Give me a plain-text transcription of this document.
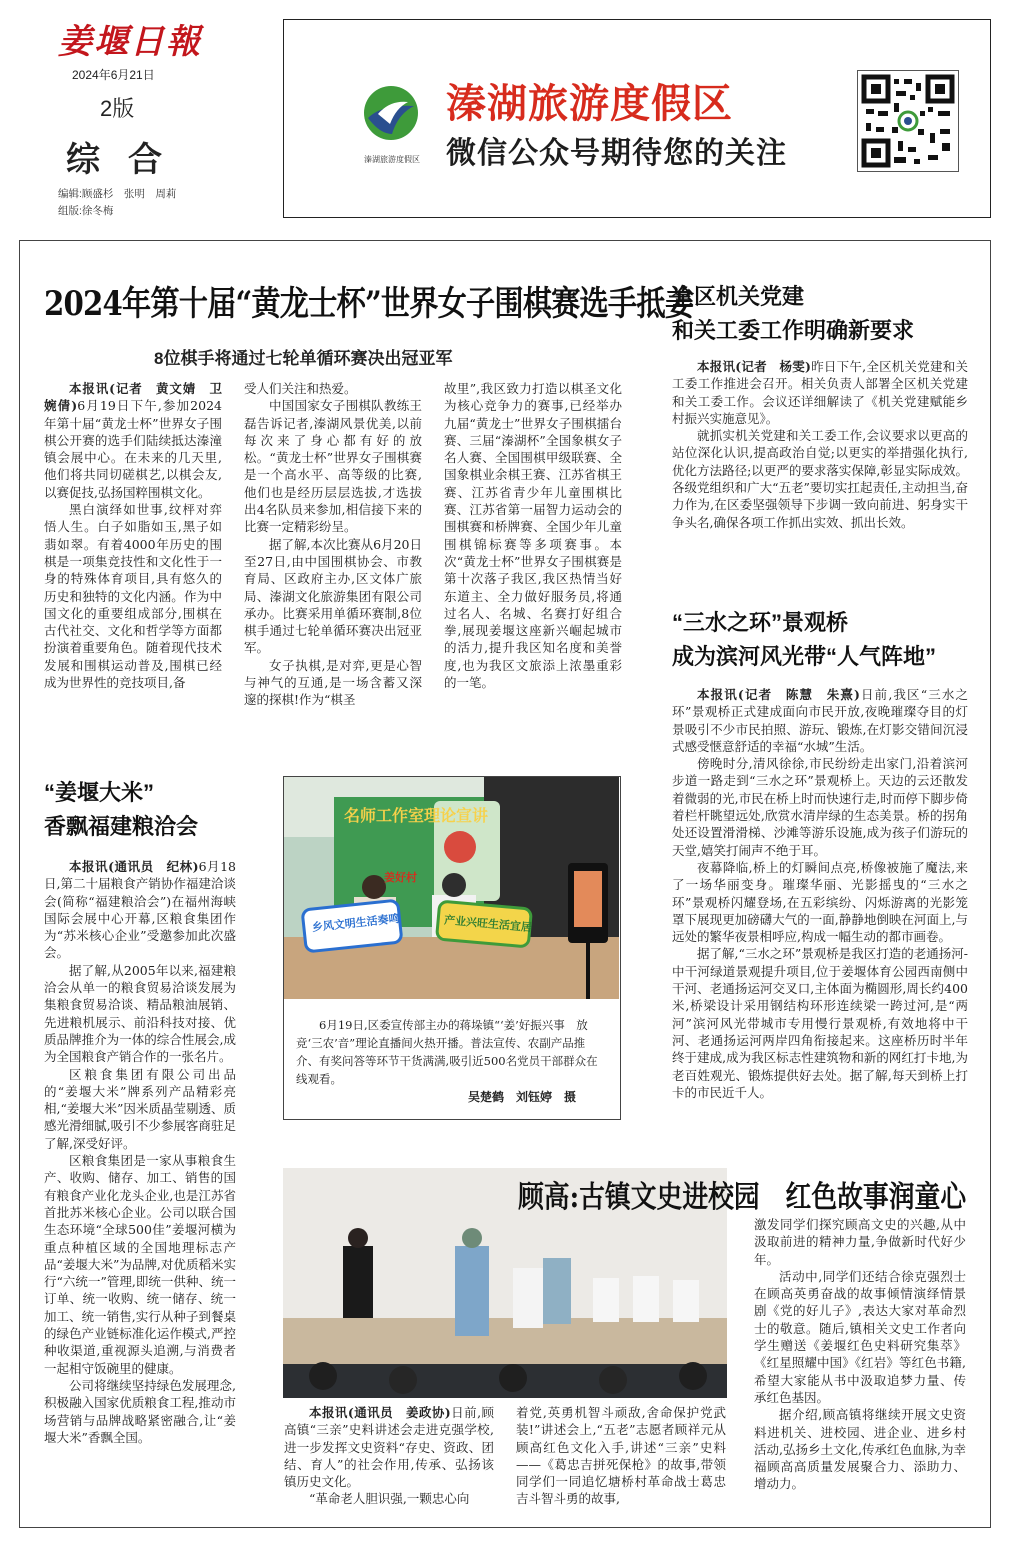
姜堰日報
2024年6月21日
2版
综合
编辑:顾盛杉　张明　周莉
组版:徐冬梅
溱湖旅游度假区
溱湖旅游度假区
微信公众号期待您的关注
2024年第十届“黄龙士杯”世界女子围棋赛选手抵姜
8位棋手将通过七轮单循环赛决出冠亚军

本报讯(记者　黄文婧　卫婉倩)6月19日下午,参加2024年第十届“黄龙士杯”世界女子围棋公开赛的选手们陆续抵达溱潼镇会展中心。在未来的几天里,他们将共同切磋棋艺,以棋会友,以赛促技,弘扬国粹围棋文化。

黑白演绎如世事,纹枰对弈悟人生。白子如脂如玉,黑子如翡如翠。有着4000年历史的围棋是一项集竞技性和文化性于一身的特殊体育项目,具有悠久的历史和独特的文化内涵。作为中国文化的重要组成部分,围棋在古代社交、文化和哲学等方面都扮演着重要角色。随着现代技术发展和围棋运动普及,围棋已经成为世界性的竞技项目,备

受人们关注和热爱。

中国国家女子围棋队教练王磊告诉记者,溱湖风景优美,以前每次来了身心都有好的放松。“黄龙士杯”世界女子围棋赛是一个高水平、高等级的比赛,他们也是经历层层选拔,才选拔出4名队员来参加,相信接下来的比赛一定精彩纷呈。

据了解,本次比赛从6月20日至27日,由中国围棋协会、市教育局、区政府主办,区文体广旅局、溱湖文化旅游集团有限公司承办。比赛采用单循环赛制,8位棋手通过七轮单循环赛决出冠亚军。

女子执棋,是对弈,更是心智与神气的互通,是一场含蓄又深邃的探棋!作为“棋圣

故里”,我区致力打造以棋圣文化为核心竞争力的赛事,已经举办九届“黄龙士”世界女子围棋擂台赛、三届“溱湖杯”全国象棋女子名人赛、全国围棋甲级联赛、全国象棋业余棋王赛、江苏省棋王赛、江苏省青少年儿童围棋比赛、江苏省第一届智力运动会的围棋赛和桥牌赛、全国少年儿童围棋锦标赛等多项赛事。本次“黄龙士杯”世界女子围棋赛是第十次落子我区,我区热情当好东道主、全力做好服务员,将通过名人、名城、名赛打好组合拳,展现姜堰这座新兴崛起城市的活力,提升我区知名度和美誉度,也为我区文旅添上浓墨重彩的一笔。

全区机关党建
和关工委工作明确新要求

本报讯(记者　杨雯)昨日下午,全区机关党建和关工委工作推进会召开。相关负责人部署全区机关党建和关工委工作。会议还详细解读了《机关党建赋能乡村振兴实施意见》。

就抓实机关党建和关工委工作,会议要求以更高的站位深化认识,提高政治自觉;以更实的举措强化执行,优化方法路径;以更严的要求落实保障,彰显实际成效。各级党组织和广大“五老”要切实扛起责任,主动担当,奋力作为,在区委坚强领导下步调一致向前进、躬身实干争头名,确保各项工作抓出实效、抓出长效。

“三水之环”景观桥
成为滨河风光带“人气阵地”

本报讯(记者　陈慧　朱熹)日前,我区“三水之环”景观桥正式建成面向市民开放,夜晚璀璨夺目的灯景吸引不少市民拍照、游玩、锻炼,在灯影交错间沉浸式感受惬意舒适的幸福“水城”生活。

傍晚时分,清风徐徐,市民纷纷走出家门,沿着滨河步道一路走到“三水之环”景观桥上。天边的云还散发着微弱的光,市民在桥上时而快速行走,时而停下脚步倚着栏杆眺望远处,欣赏水清岸绿的生态美景。桥的拐角处还设置滑滑梯、沙滩等游乐设施,成为孩子们游玩的天堂,嬉笑打闹声不绝于耳。

夜幕降临,桥上的灯瞬间点亮,桥像被施了魔法,来了一场华丽变身。璀璨华丽、光影摇曳的“三水之环”景观桥闪耀登场,在五彩缤纷、闪烁游离的光影笼罩下展现更加磅礴大气的一面,静静地倒映在河面上,与远处的繁华夜景相呼应,构成一幅生动的都市画卷。

据了解,“三水之环”景观桥是我区打造的老通扬河-中干河绿道景观提升项目,位于姜堰体育公园西南侧中干河、老通扬运河交叉口,主体面为椭圆形,周长约400米,桥梁设计采用钢结构环形连续梁一跨过河,是“两河”滨河风光带城市专用慢行景观桥,有效地将中干河、老通扬运河两岸四角衔接起来。这座桥历时半年终于建成,成为我区标志性建筑物和新的网红打卡地,为老百姓观光、锻炼提供好去处。据了解,每天到桥上打卡的市民近千人。

“姜堰大米”
香飘福建粮洽会

本报讯(通讯员　纪林)6月18日,第二十届粮食产销协作福建洽谈会(简称“福建粮洽会”)在福州海峡国际会展中心开幕,区粮食集团作为“苏米核心企业”受邀参加此次盛会。

据了解,从2005年以来,福建粮洽会从单一的粮食贸易洽谈发展为集粮食贸易洽谈、精品粮油展销、先进粮机展示、前沿科技对接、优质品牌推介为一体的综合性展会,成为全国粮食产销合作的一张名片。

区粮食集团有限公司出品的“姜堰大米”牌系列产品精彩亮相,“姜堰大米”因米质晶莹剔透、质感光滑细腻,吸引不少参展客商驻足了解,深受好评。

区粮食集团是一家从事粮食生产、收购、储存、加工、销售的国有粮食产业化龙头企业,也是江苏省首批苏米核心企业。公司以联合国生态环境“全球500佳”姜堰河横为重点种植区域的全国地理标志产品“姜堰大米”为品牌,对优质稻米实行“六统一”管理,即统一供种、统一订单、统一收购、统一储存、统一加工、统一销售,实行从种子到餐桌的绿色产业链标准化运作模式,严控种收渠道,重视源头追溯,与消费者一起相守饭碗里的健康。

公司将继续坚持绿色发展理念,积极融入国家优质粮食工程,推动市场营销与品牌战略紧密融合,让“姜堰大米”香飘全国。

名师工作室理论宣讲
姜好村
乡风文明生活奏鸣	产业兴旺生活宜居
6月19日,区委宣传部主办的蒋垛镇“‘姜’好振兴事　放竞‘三农’音”理论直播间火热开播。普法宣传、农副产品推介、有奖问答等环节干货满满,吸引近500名党员干部群众在线观看。
吴楚鹤　刘钰婷　摄
顾高:古镇文史进校园　红色故事润童心

本报讯(通讯员　姜政协)日前,顾高镇“三亲”史料讲述会走进克强学校,进一步发挥文史资料“存史、资政、团结、育人”的社会作用,传承、弘扬该镇历史文化。

“革命老人胆识强,一颗忠心向

着党,英勇机智斗顽敌,舍命保护党武装!”讲述会上,“五老”志愿者顾祥元从顾高红色文化入手,讲述“三亲”史料——《葛忠吉拼死保枪》的故事,带领同学们一同追忆塘桥村革命战士葛忠吉斗智斗勇的故事,

激发同学们探究顾高文史的兴趣,从中汲取前进的精神力量,争做新时代好少年。

活动中,同学们还结合徐克强烈士在顾高英勇奋战的故事倾情演绎情景剧《党的好儿子》,表达大家对革命烈士的敬意。随后,镇相关文史工作者向学生赠送《姜堰红色史料研究集萃》《红星照耀中国》《红岩》等红色书籍,希望大家能从书中汲取追梦力量、传承红色基因。

据介绍,顾高镇将继续开展文史资料进机关、进校园、进企业、进乡村活动,弘扬乡土文化,传承红色血脉,为幸福顾高高质量发展聚合力、添助力、增动力。
